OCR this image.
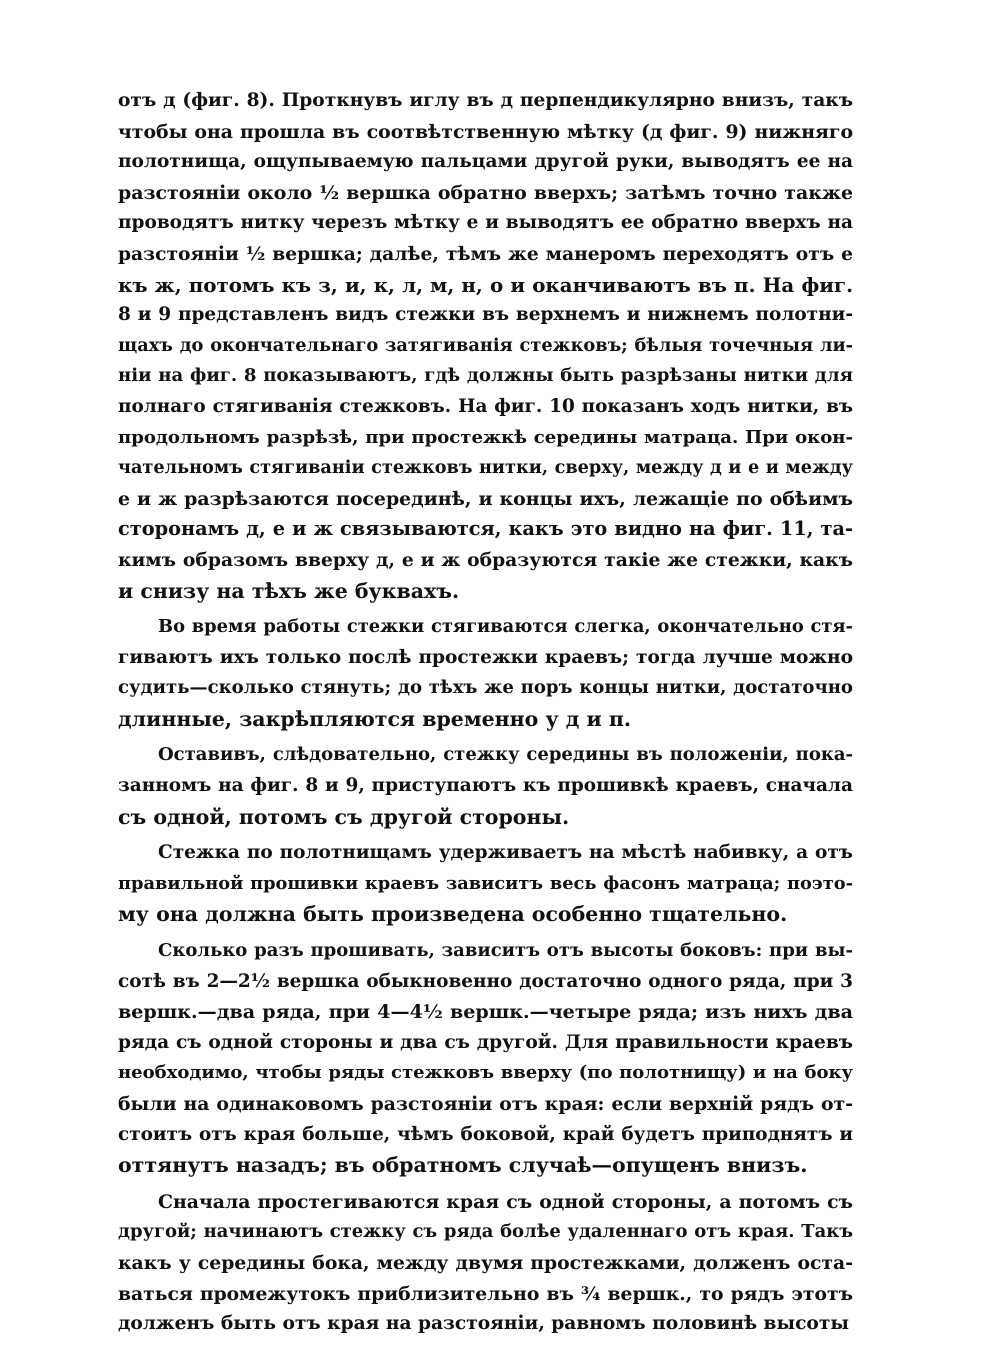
отъ д (фиг. 8). Проткнувъ иглу въ д перпендикулярно внизъ, такъ
чтобы она прошла въ соотвѣтственную мѣтку (д фиг. 9) нижняго
полотнища, ощупываемую пальцами другой руки, выводятъ ее на
разстояніи около ½ вершка обратно вверхъ; затѣмъ точно также
проводятъ нитку черезъ мѣтку е и выводятъ ее обратно вверхъ на
разстояніи ½ вершка; далѣе, тѣмъ же манеромъ переходятъ отъ е
къ ж, потомъ къ з, и, к, л, м, н, о и оканчиваютъ въ п. На фиг.
8 и 9 представленъ видъ стежки въ верхнемъ и нижнемъ полотни-
щахъ до окончательнаго затягиванія стежковъ; бѣлыя точечныя ли-
ніи на фиг. 8 показываютъ, гдѣ должны быть разрѣзаны нитки для
полнаго стягиванія стежковъ. На фиг. 10 показанъ ходъ нитки, въ
продольномъ разрѣзѣ, при простежкѣ середины матраца. При окон-
чательномъ стягиваніи стежковъ нитки, сверху, между д и е и между
е и ж разрѣзаются посерединѣ, и концы ихъ, лежащіе по обѣимъ
сторонамъ д, е и ж связываются, какъ это видно на фиг. 11, та-
кимъ образомъ вверху д, е и ж образуются такіе же стежки, какъ
и снизу на тѣхъ же буквахъ.
Во время работы стежки стягиваются слегка, окончательно стя-
гиваютъ ихъ только послѣ простежки краевъ; тогда лучше можно
судить—сколько стянуть; до тѣхъ же поръ концы нитки, достаточно
длинные, закрѣпляются временно у д и п.
Оставивъ, слѣдовательно, стежку середины въ положеніи, пока-
занномъ на фиг. 8 и 9, приступаютъ къ прошивкѣ краевъ, сначала
съ одной, потомъ съ другой стороны.
Стежка по полотнищамъ удерживаетъ на мѣстѣ набивку, а отъ
правильной прошивки краевъ зависитъ весь фасонъ матраца; поэто-
му она должна быть произведена особенно тщательно.
Сколько разъ прошивать, зависитъ отъ высоты боковъ: при вы-
сотѣ въ 2—2½ вершка обыкновенно достаточно одного ряда, при 3
вершк.—два ряда, при 4—4½ вершк.—четыре ряда; изъ нихъ два
ряда съ одной стороны и два съ другой. Для правильности краевъ
необходимо, чтобы ряды стежковъ вверху (по полотнищу) и на боку
были на одинаковомъ разстояніи отъ края: если верхній рядъ от-
стоитъ отъ края больше, чѣмъ боковой, край будетъ приподнятъ и
оттянутъ назадъ; въ обратномъ случаѣ—опущенъ внизъ.
Сначала простегиваются края съ одной стороны, а потомъ съ
другой; начинаютъ стежку съ ряда болѣе удаленнаго отъ края. Такъ
какъ у середины бока, между двумя простежками, долженъ оста-
ваться промежутокъ приблизительно въ ¾ вершк., то рядъ этотъ
долженъ быть отъ края на разстояніи, равномъ половинѣ высоты
